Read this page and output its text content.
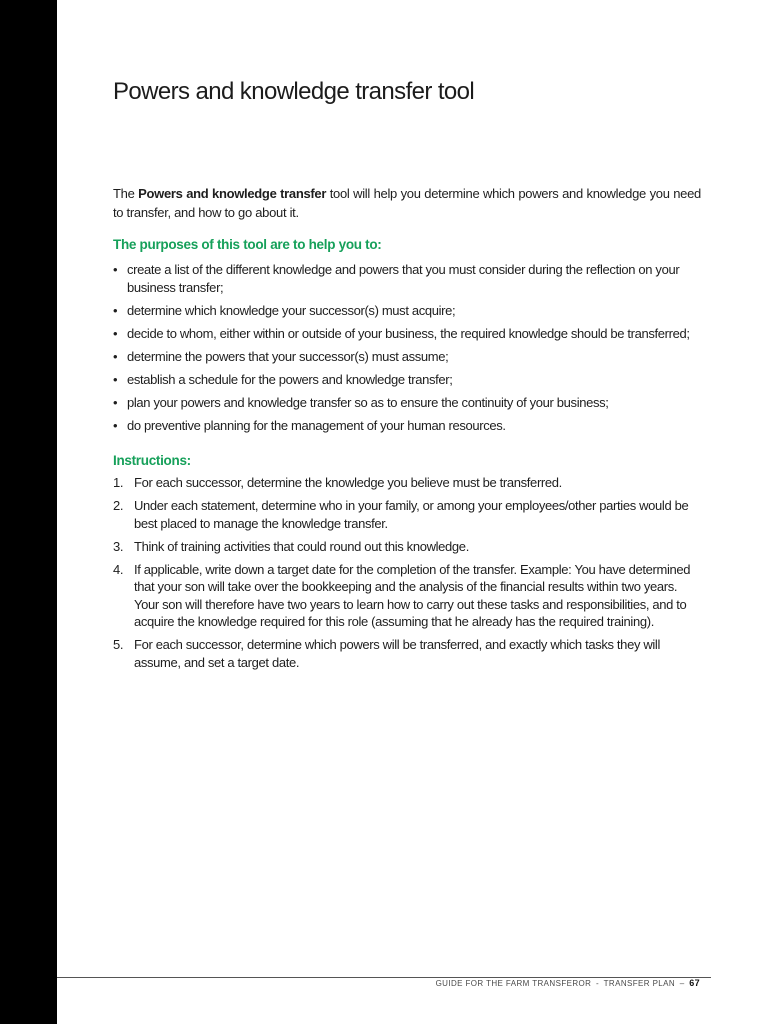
Powers and knowledge transfer tool

The Powers and knowledge transfer tool will help you determine which powers and knowledge you need to transfer, and how to go about it.

The purposes of this tool are to help you to:
• create a list of the different knowledge and powers that you must consider during the reflection on your business transfer;
• determine which knowledge your successor(s) must acquire;
• decide to whom, either within or outside of your business, the required knowledge should be transferred;
• determine the powers that your successor(s) must assume;
• establish a schedule for the powers and knowledge transfer;
• plan your powers and knowledge transfer so as to ensure the continuity of your business;
• do preventive planning for the management of your human resources.
Instructions:
1. For each successor, determine the knowledge you believe must be transferred.
2. Under each statement, determine who in your family, or among your employees/other parties would be best placed to manage the knowledge transfer.
3. Think of training activities that could round out this knowledge.
4. If applicable, write down a target date for the completion of the transfer. Example: You have determined that your son will take over the bookkeeping and the analysis of the financial results within two years. Your son will therefore have two years to learn how to carry out these tasks and responsibilities, and to acquire the knowledge required for this role (assuming that he already has the required training).
5. For each successor, determine which powers will be transferred, and exactly which tasks they will assume, and set a target date.
GUIDE FOR THE FARM TRANSFEROR - TRANSFER PLAN – 67
